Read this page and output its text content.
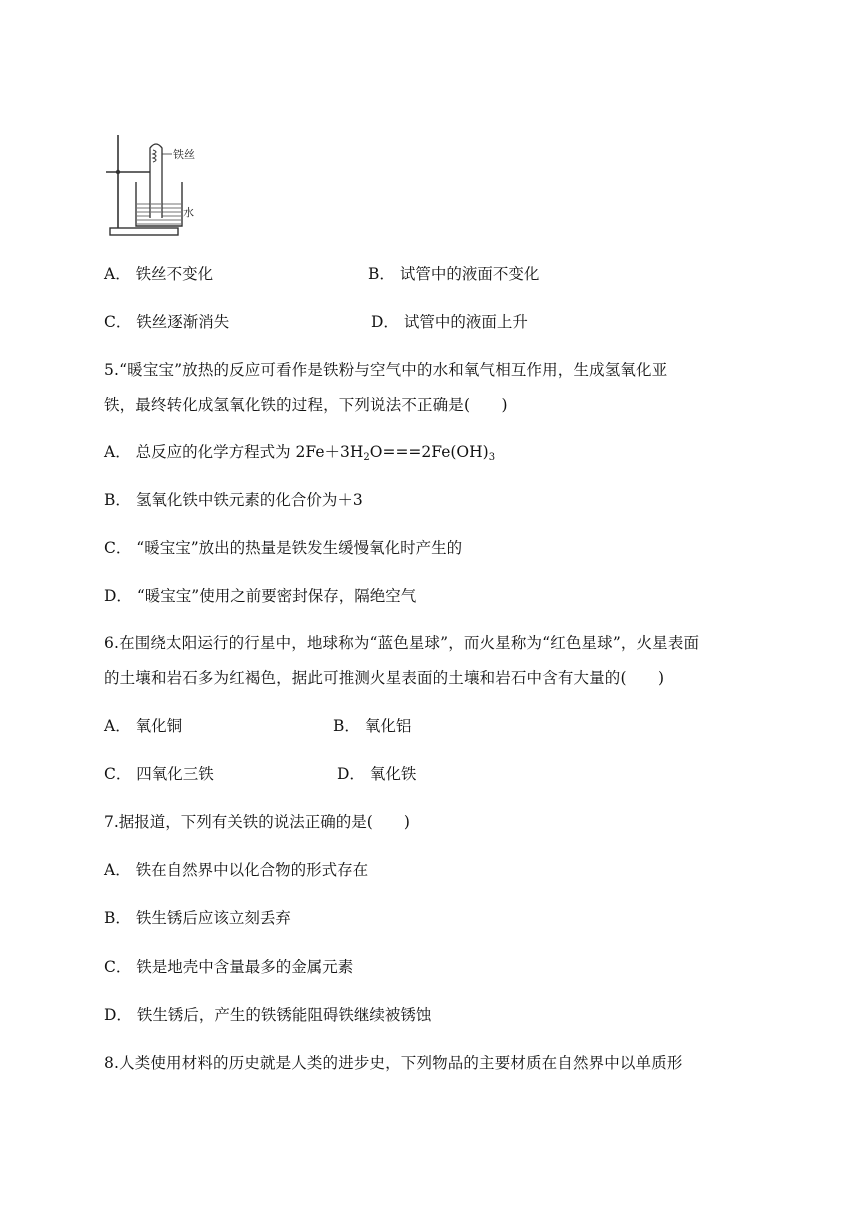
铁丝
水
A． 铁丝不变化	B． 试管中的液面不变化
C． 铁丝逐渐消失	D． 试管中的液面上升
5.“暖宝宝”放热的反应可看作是铁粉与空气中的水和氧气相互作用，生成氢氧化亚
铁，最终转化成氢氧化铁的过程，下列说法不正确是(　　)
A． 总反应的化学方程式为 $2Fe+3H_2O===2Fe(OH)_3$
B． 氢氧化铁中铁元素的化合价为＋3
C． “暖宝宝”放出的热量是铁发生缓慢氧化时产生的
D． “暖宝宝”使用之前要密封保存，隔绝空气
6.在围绕太阳运行的行星中，地球称为“蓝色星球”，而火星称为“红色星球”，火星表面
的土壤和岩石多为红褐色，据此可推测火星表面的土壤和岩石中含有大量的(　　)
A． 氧化铜	B． 氧化铝
C． 四氧化三铁	D． 氧化铁
7.据报道，下列有关铁的说法正确的是(　　)
A． 铁在自然界中以化合物的形式存在
B． 铁生锈后应该立刻丢弃
C． 铁是地壳中含量最多的金属元素
D． 铁生锈后，产生的铁锈能阻碍铁继续被锈蚀
8.人类使用材料的历史就是人类的进步史，下列物品的主要材质在自然界中以单质形
